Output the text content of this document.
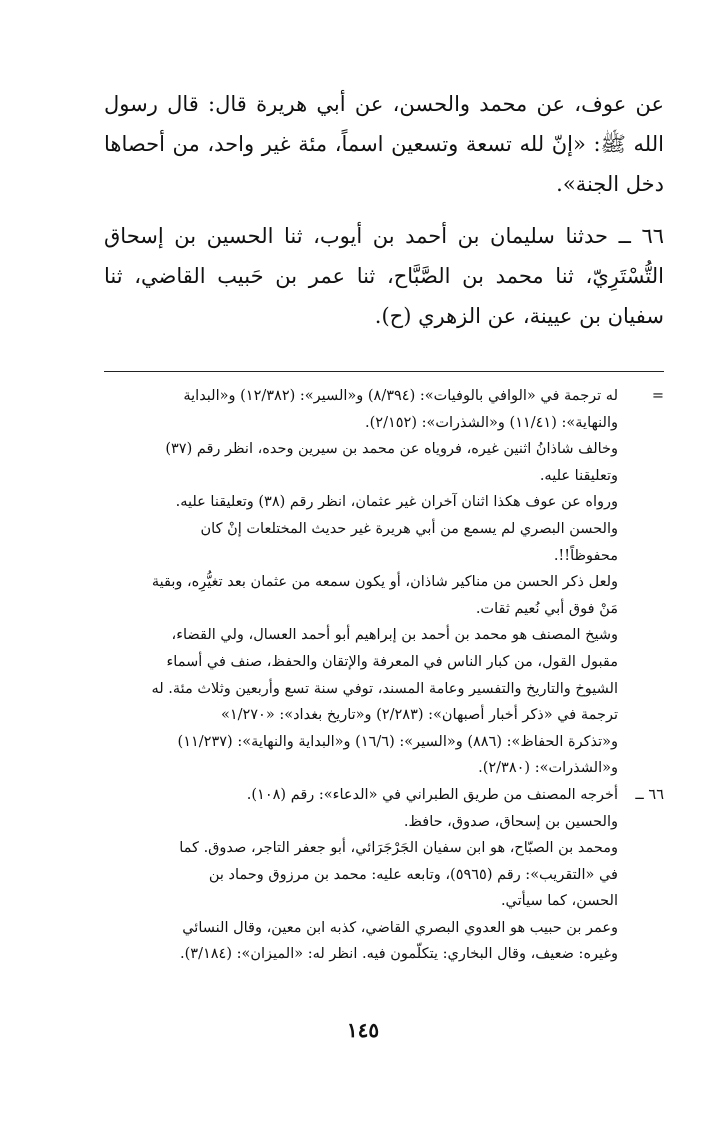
عن عوف، عن محمد والحسن، عن أبي هريرة قال: قال رسول الله ﷺ: «إنّ لله تسعة وتسعين اسماً، مئة غير واحد، من أحصاها دخل الجنة».

٦٦ ــ حدثنا سليمان بن أحمد بن أيوب، ثنا الحسين بن إسحاق التُّسْتَرِيّ، ثنا محمد بن الصَّبَّاح، ثنا عمر بن حَبيب القاضي، ثنا سفيان بن عيينة، عن الزهري (ح).

=
له ترجمة في «الوافي بالوفيات»: (٨/٣٩٤) و«السير»: (١٢/٣٨٢) و«البداية
والنهاية»: (١١/٤١) و«الشذرات»: (٢/١٥٢).
وخالف شاذانُ اثنين غيره، فروياه عن محمد بن سيرين وحده، انظر رقم (٣٧)
وتعليقنا عليه.
ورواه عن عوف هكذا اثنان آخران غير عثمان، انظر رقم (٣٨) وتعليقنا عليه.
والحسن البصري لم يسمع من أبي هريرة غير حديث المختلعات إنْ كان
محفوظاً!!.
ولعل ذكر الحسن من مناكير شاذان، أو يكون سمعه من عثمان بعد تغيُّرِه، وبقية
مَنْ فوق أبي نُعيم ثقات.
وشيخ المصنف هو محمد بن أحمد بن إبراهيم أبو أحمد العسال، ولي القضاء،
مقبول القول، من كبار الناس في المعرفة والإتقان والحفظ، صنف في أسماء
الشيوخ والتاريخ والتفسير وعامة المسند، توفي سنة تسع وأربعين وثلاث مئة. له
ترجمة في «ذكر أخبار أصبهان»: (٢/٢٨٣) و«تاريخ بغداد»: «١/٢٧٠»
و«تذكرة الحفاظ»: (٨٨٦) و«السير»: (١٦/٦) و«البداية والنهاية»: (١١/٢٣٧)
و«الشذرات»: (٢/٣٨٠).
٦٦ ــ
أخرجه المصنف من طريق الطبراني في «الدعاء»: رقم (١٠٨).
والحسين بن إسحاق، صدوق، حافظ.
ومحمد بن الصبّاح، هو ابن سفيان الجَرْجَرَائي، أبو جعفر التاجر، صدوق. كما
في «التقريب»: رقم (٥٩٦٥)، وتابعه عليه: محمد بن مرزوق وحماد بن
الحسن، كما سيأتي.
وعمر بن حبيب هو العدوي البصري القاضي، كذبه ابن معين، وقال النسائي
وغيره: ضعيف، وقال البخاري: يتكلّمون فيه. انظر له: «الميزان»: (٣/١٨٤).
١٤٥
